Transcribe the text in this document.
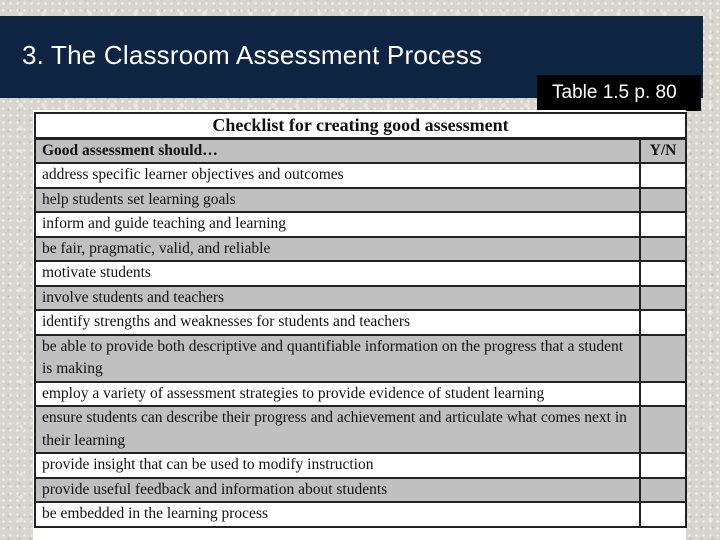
3. The Classroom Assessment Process
Table 1.5 p. 80
Checklist for creating good assessment	
Good assessment should…	Y/N
address specific learner objectives and outcomes	
help students set learning goals	
inform and guide teaching and learning	
be fair, pragmatic, valid, and reliable	
motivate students	
involve students and teachers	
identify strengths and weaknesses for students and teachers	
be able to provide both descriptive and quantifiable information on the progress that a student is making	
employ a variety of assessment strategies to provide evidence of student learning	
ensure students can describe their progress and achievement and articulate what comes next in their learning	
provide insight that can be used to modify instruction	
provide useful feedback and information about students	
be embedded in the learning process	
